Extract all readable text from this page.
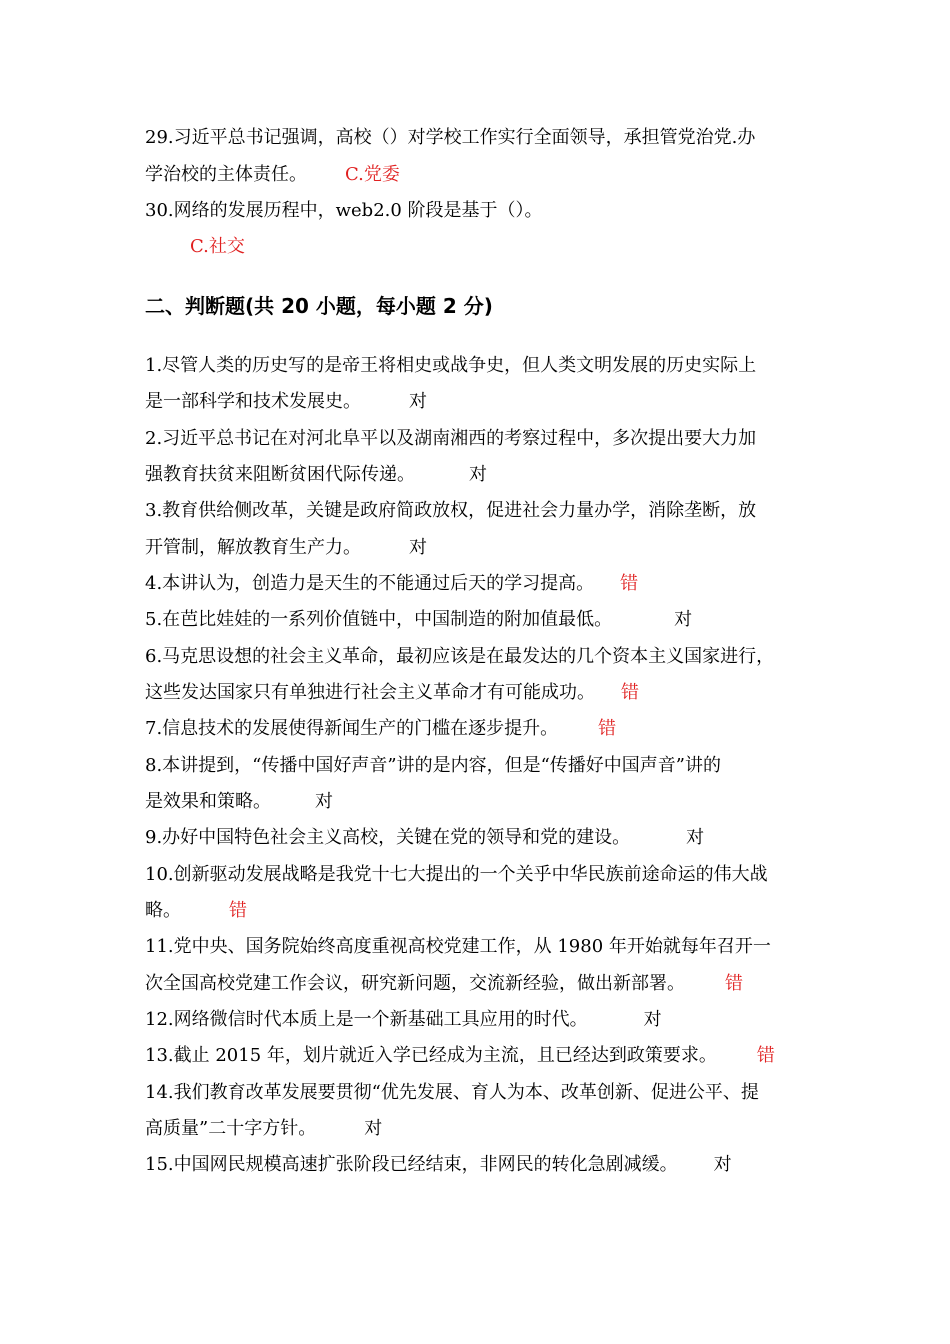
29.习近平总书记强调，高校（）对学校工作实行全面领导，承担管党治党.办
学治校的主体责任。 C.党委
30.网络的发展历程中，web2.0 阶段是基于（）。
C.社交
二、判断题(共 20 小题，每小题 2 分)
1.尽管人类的历史写的是帝王将相史或战争史，但人类文明发展的历史实际上
是一部科学和技术发展史。	对
2.习近平总书记在对河北阜平以及湖南湘西的考察过程中，多次提出要大力加
强教育扶贫来阻断贫困代际传递。	对
3.教育供给侧改革，关键是政府简政放权，促进社会力量办学，消除垄断，放
开管制，解放教育生产力。	对
4.本讲认为，创造力是天生的不能通过后天的学习提高。 错
5.在芭比娃娃的一系列价值链中，中国制造的附加值最低。	对
6.马克思设想的社会主义革命，最初应该是在最发达的几个资本主义国家进行，
这些发达国家只有单独进行社会主义革命才有可能成功。 错
7.信息技术的发展使得新闻生产的门槛在逐步提升。 错
8.本讲提到，“传播中国好声音”讲的是内容，但是“传播好中国声音”讲的
是效果和策略。 对
9.办好中国特色社会主义高校，关键在党的领导和党的建设。	对
10.创新驱动发展战略是我党十七大提出的一个关乎中华民族前途命运的伟大战
略。	错
11.党中央、国务院始终高度重视高校党建工作，从 1980 年开始就每年召开一
次全国高校党建工作会议，研究新问题，交流新经验，做出新部署。 错
12.网络微信时代本质上是一个新基础工具应用的时代。	对
13.截止 2015 年，划片就近入学已经成为主流，且已经达到政策要求。 错
14.我们教育改革发展要贯彻“优先发展、育人为本、改革创新、促进公平、提
高质量”二十字方针。	对
15.中国网民规模高速扩张阶段已经结束，非网民的转化急剧减缓。 对
